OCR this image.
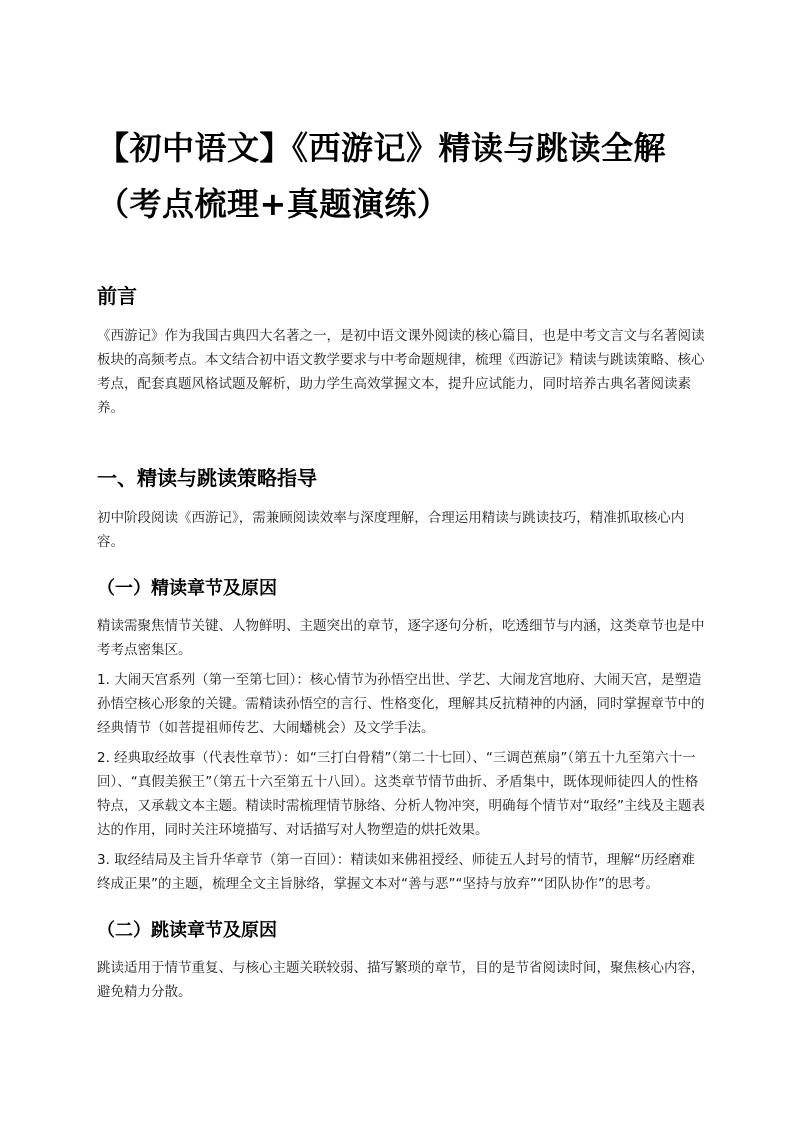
【初中语文】《西游记》精读与跳读全解（考点梳理+真题演练）
前言

《西游记》作为我国古典四大名著之一，是初中语文课外阅读的核心篇目，也是中考文言文与名著阅读板块的高频考点。本文结合初中语文教学要求与中考命题规律，梳理《西游记》精读与跳读策略、核心考点，配套真题风格试题及解析，助力学生高效掌握文本，提升应试能力，同时培养古典名著阅读素养。

一、精读与跳读策略指导

初中阶段阅读《西游记》，需兼顾阅读效率与深度理解，合理运用精读与跳读技巧，精准抓取核心内容。

（一）精读章节及原因

精读需聚焦情节关键、人物鲜明、主题突出的章节，逐字逐句分析，吃透细节与内涵，这类章节也是中考考点密集区。

1. 大闹天宫系列（第一至第七回）：核心情节为孙悟空出世、学艺、大闹龙宫地府、大闹天宫，是塑造孙悟空核心形象的关键。需精读孙悟空的言行、性格变化，理解其反抗精神的内涵，同时掌握章节中的经典情节（如菩提祖师传艺、大闹蟠桃会）及文学手法。

2. 经典取经故事（代表性章节）：如“三打白骨精”（第二十七回）、“三调芭蕉扇”（第五十九至第六十一回）、“真假美猴王”（第五十六至第五十八回）。这类章节情节曲折、矛盾集中，既体现师徒四人的性格特点，又承载文本主题。精读时需梳理情节脉络、分析人物冲突，明确每个情节对“取经”主线及主题表达的作用，同时关注环境描写、对话描写对人物塑造的烘托效果。

3. 取经结局及主旨升华章节（第一百回）：精读如来佛祖授经、师徒五人封号的情节，理解“历经磨难终成正果”的主题，梳理全文主旨脉络，掌握文本对“善与恶”“坚持与放弃”“团队协作”的思考。

（二）跳读章节及原因

跳读适用于情节重复、与核心主题关联较弱、描写繁琐的章节，目的是节省阅读时间，聚焦核心内容，避免精力分散。
